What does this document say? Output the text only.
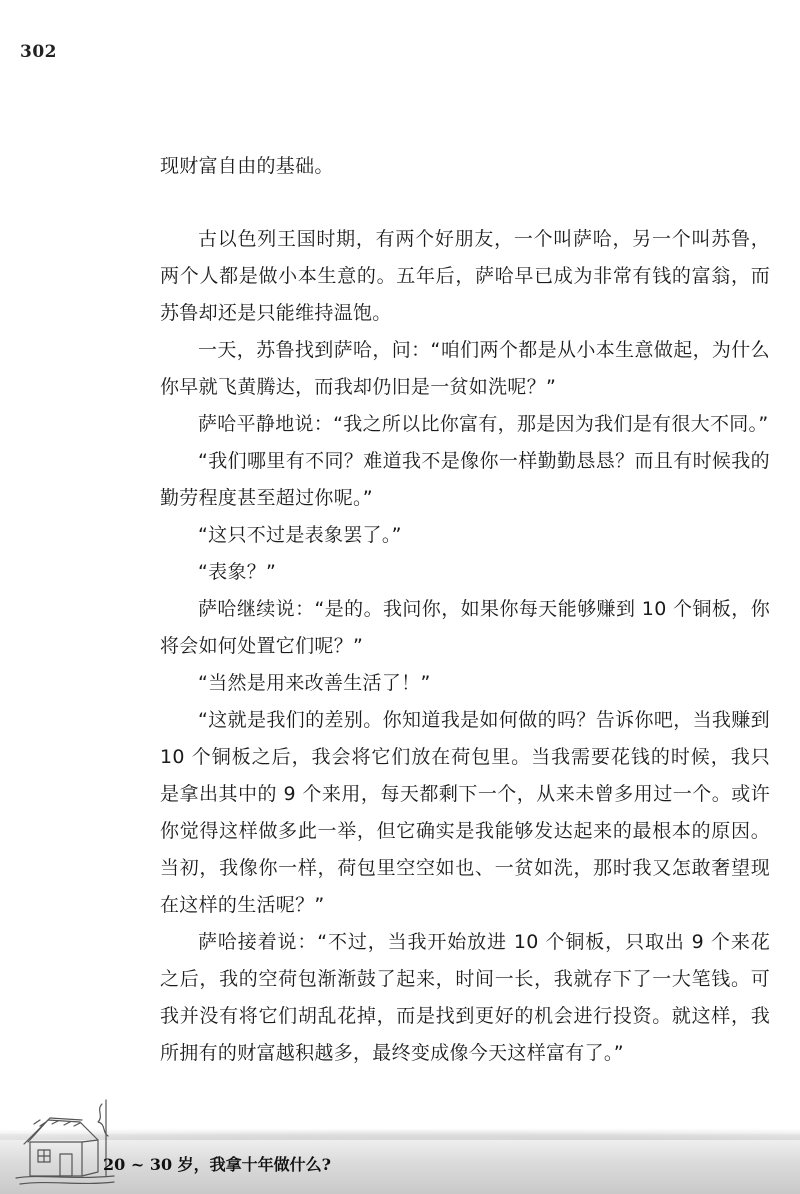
302

现财富自由的基础。

古以色列王国时期，有两个好朋友，一个叫萨哈，另一个叫苏鲁，两个人都是做小本生意的。五年后，萨哈早已成为非常有钱的富翁，而苏鲁却还是只能维持温饱。

一天，苏鲁找到萨哈，问：“咱们两个都是从小本生意做起，为什么你早就飞黄腾达，而我却仍旧是一贫如洗呢？”

萨哈平静地说：“我之所以比你富有，那是因为我们是有很大不同。”

“我们哪里有不同？难道我不是像你一样勤勤恳恳？而且有时候我的勤劳程度甚至超过你呢。”

“这只不过是表象罢了。”

“表象？”

萨哈继续说：“是的。我问你，如果你每天能够赚到 10 个铜板，你将会如何处置它们呢？”

“当然是用来改善生活了！”

“这就是我们的差别。你知道我是如何做的吗？告诉你吧，当我赚到 10 个铜板之后，我会将它们放在荷包里。当我需要花钱的时候，我只是拿出其中的 9 个来用，每天都剩下一个，从来未曾多用过一个。或许你觉得这样做多此一举，但它确实是我能够发达起来的最根本的原因。当初，我像你一样，荷包里空空如也、一贫如洗，那时我又怎敢奢望现在这样的生活呢？”

萨哈接着说：“不过，当我开始放进 10 个铜板，只取出 9 个来花之后，我的空荷包渐渐鼓了起来，时间一长，我就存下了一大笔钱。可我并没有将它们胡乱花掉，而是找到更好的机会进行投资。就这样，我所拥有的财富越积越多，最终变成像今天这样富有了。”

20 ~ 30 岁，我拿十年做什么?
